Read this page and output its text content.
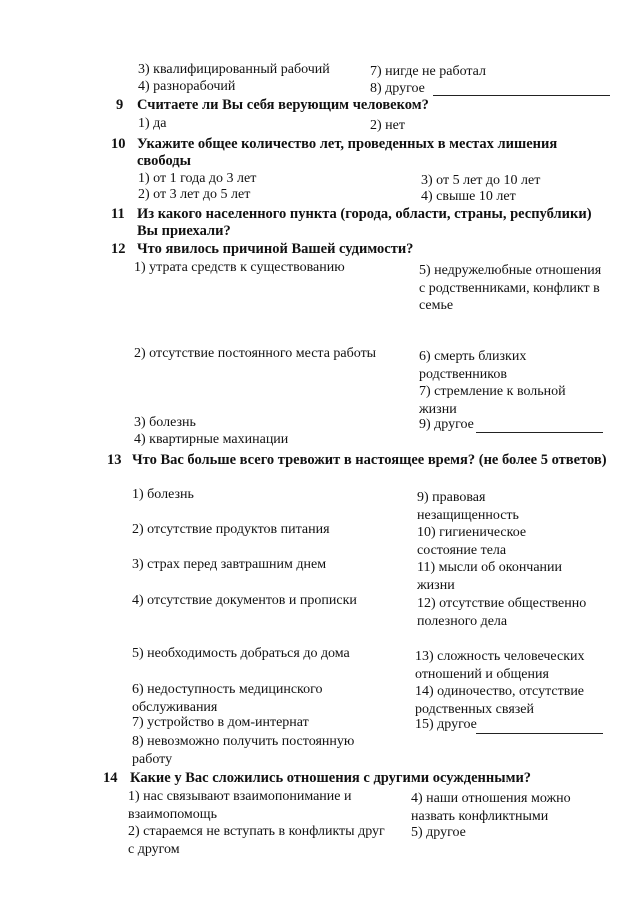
3) квалифицированный рабочий	7) нигде не работал
4) разнорабочий	8) другое
9 Считаете ли Вы себя верующим человеком?
1) да	2) нет
10 Укажите общее количество лет, проведенных в местах лишения свободы
1) от 1 года до 3 лет	3) от 5 лет до 10 лет
2) от 3 лет до 5 лет	4) свыше 10 лет
11 Из какого населенного пункта (города, области, страны, республики) Вы приехали?
12 Что явилось причиной Вашей судимости?
1) утрата средств к существованию	5) недружелюбные отношения с родственниками, конфликт в семье
2) отсутствие постоянного места работы	6) смерть близких родственников
7) стремление к вольной жизни
3) болезнь	9) другое
4) квартирные махинации
13 Что Вас больше всего тревожит в настоящее время? (не более 5 ответов)
1) болезнь	9) правовая незащищенность
2) отсутствие продуктов питания	10) гигиеническое состояние тела
3) страх перед завтрашним днем	11) мысли об окончании жизни
4) отсутствие документов и прописки	12) отсутствие общественно полезного дела
5) необходимость добраться до дома	13) сложность человеческих отношений и общения
6) недоступность медицинского обслуживания
14) одиночество, отсутствие родственных связей
7) устройство в дом-интернат	15) другое
8) невозможно получить постоянную работу
14 Какие у Вас сложились отношения с другими осужденными?
1) нас связывают взаимопонимание и взаимопомощь
4) наши отношения можно назвать конфликтными
2) стараемся не вступать в конфликты друг с другом
5) другое
